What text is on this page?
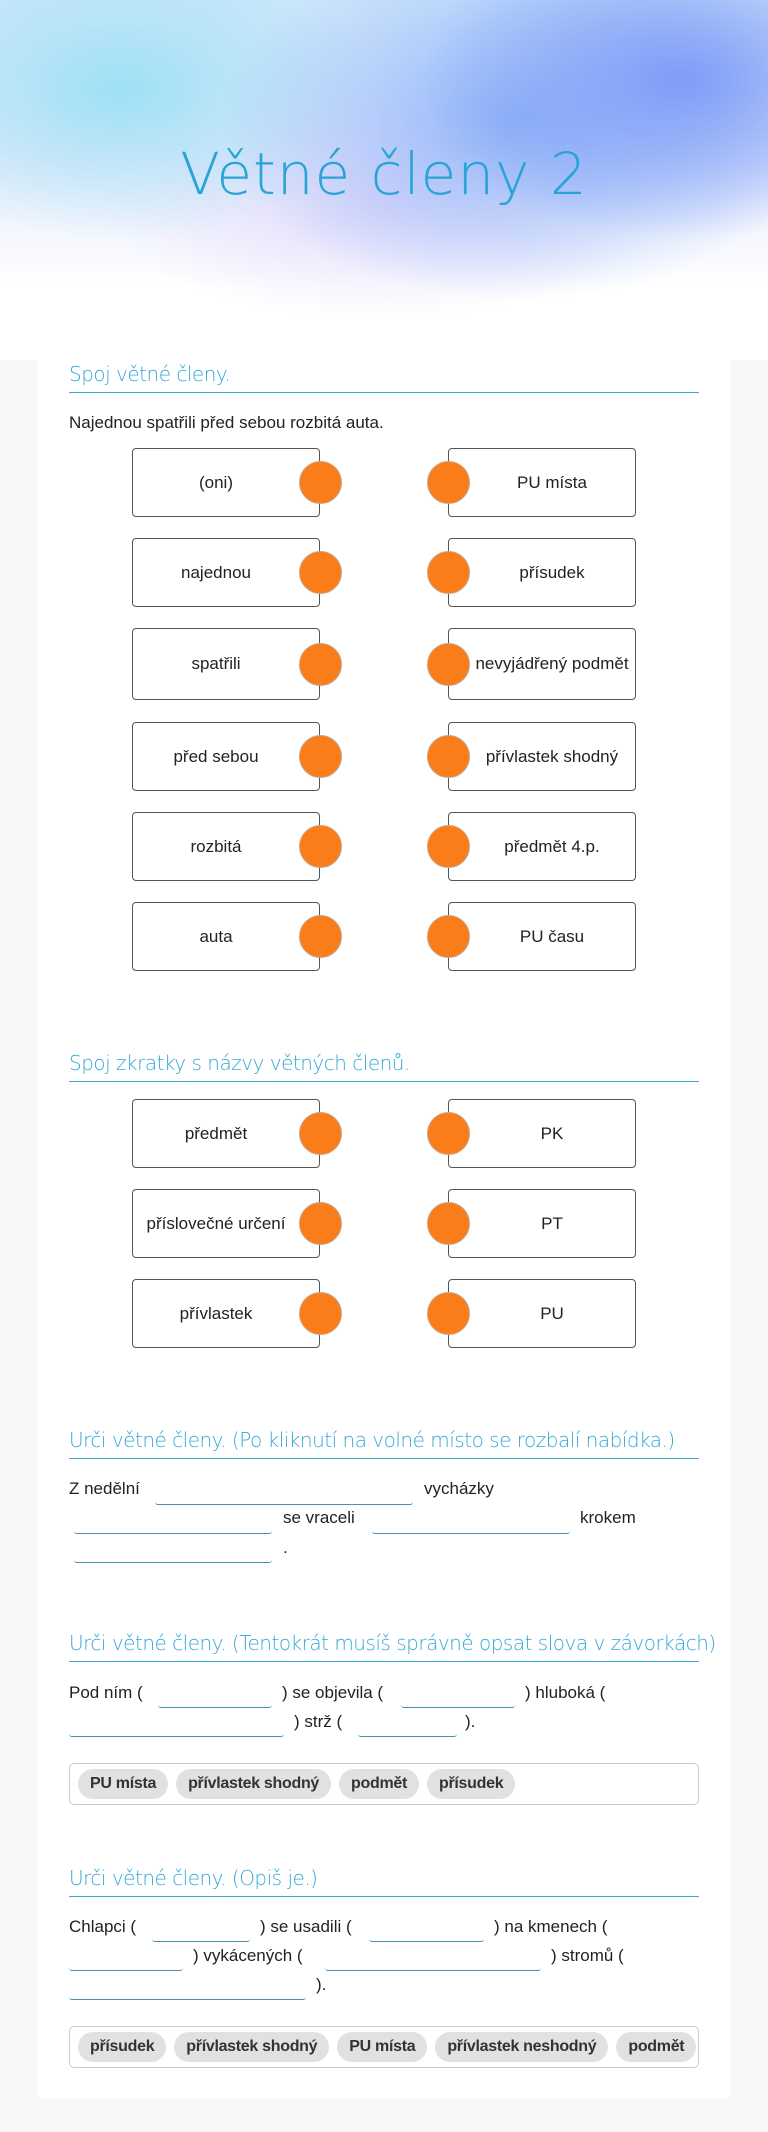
Větné členy 2
Spoj větné členy.
Najednou spatřili před sebou rozbitá auta.
(oni)	PU místa
najednou	přísudek
spatřili	nevyjádřený podmět
před sebou	přívlastek shodný
rozbitá	předmět 4.p.
auta	PU času
Spoj zkratky s názvy větných členů.
předmět	PK
příslovečné určení	PT
přívlastek	PU
Urči větné členy. (Po kliknutí na volné místo se rozbalí nabídka.)
Z nedělní	vycházky
se vraceli	krokem
.
Urči větné členy. (Tentokrát musíš správně opsat slova v závorkách)
Pod ním (	) se objevila (	) hluboká (
) strž (	).
PU místa	přívlastek shodný	podmět	přísudek
Urči větné členy. (Opiš je.)
Chlapci (	) se usadili (	) na kmenech (
) vykácených (	) stromů (
).
přísudek	přívlastek shodný	PU místa	přívlastek neshodný	podmět
